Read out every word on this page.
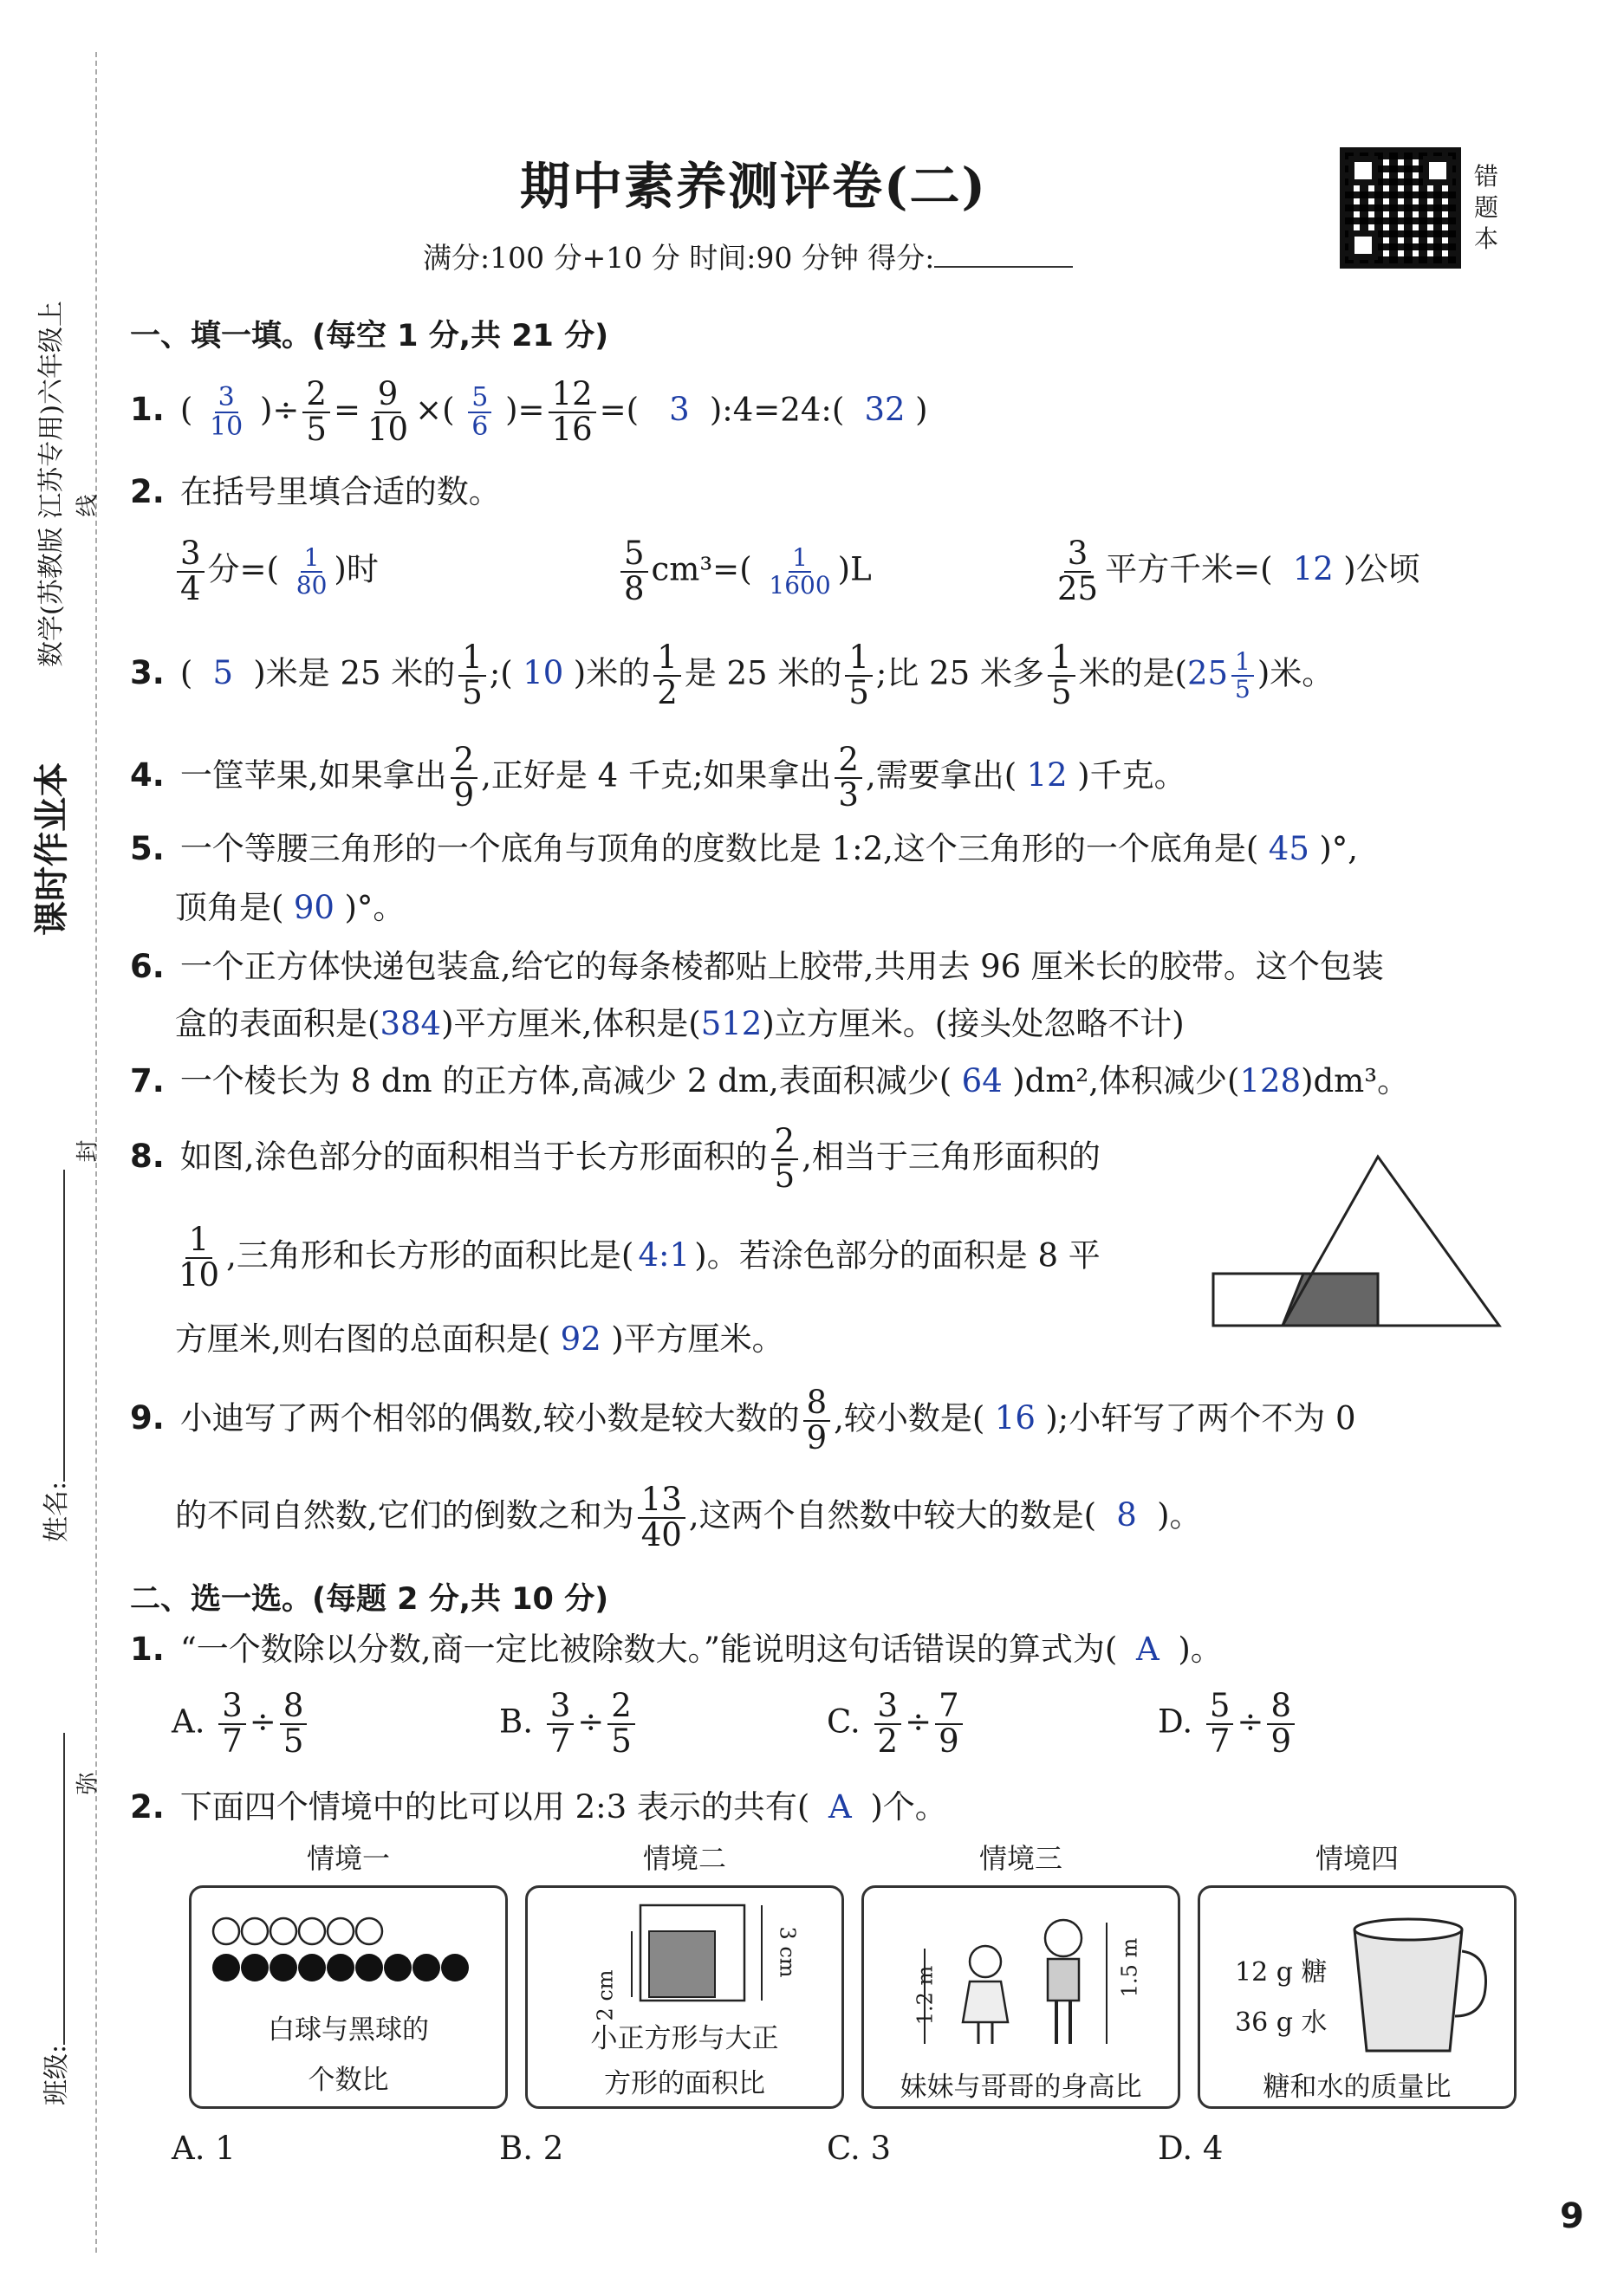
课时作业本
数学(苏教版 江苏专用)六年级上 线
封
弥
姓名:
班级:
期中素养测评卷(二)
满分:100 分+10 分 时间:90 分钟 得分:
错
题
本
一、填一填。(每空 1 分,共 21 分)
1. ( $\frac{3}{10}$ )÷ $\frac{2}{5} = \frac{9}{10}$ ×( $\frac{5}{6}$ )= $\frac{12}{16}$ =( 3 ):4=24:( 32 )
2. 在括号里填合适的数。
$\frac{3}{4}$ 分=( $\frac{1}{80}$ )时	$\frac{5}{8} cm^3=( \frac{1}{1600} )L$	$\frac{3}{25}$ 平方千米=( 12 )公顷
3. ( 5 )米是 25 米的 $\frac{1}{5}$ ;( 10 )米的 $\frac{1}{2}$ 是 25 米的 $\frac{1}{5}$ ;比 25 米多 $\frac{1}{5}$ 米的是($25 \frac{1}{5}$ )米。
4. 一筐苹果,如果拿出 $\frac{2}{9}$ ,正好是 4 千克;如果拿出 $\frac{2}{3}$ ,需要拿出( 12 )千克。
5. 一个等腰三角形的一个底角与顶角的度数比是 1:2,这个三角形的一个底角是( 45 )°,
顶角是( 90 )°。
6. 一个正方体快递包装盒,给它的每条棱都贴上胶带,共用去 96 厘米长的胶带。这个包装
盒的表面积是(384)平方厘米,体积是(512)立方厘米。(接头处忽略不计)
7. 一个棱长为 8 dm 的正方体,高减少 2 dm,表面积减少( 64 )dm²,体积减少(128)dm³。
8. 如图,涂色部分的面积相当于长方形面积的 $\frac{2}{5}$ ,相当于三角形面积的
$\frac{1}{10}$ ,三角形和长方形的面积比是( 4:1 )。若涂色部分的面积是 8 平
方厘米,则右图的总面积是( 92 )平方厘米。
9. 小迪写了两个相邻的偶数,较小数是较大数的 $\frac{8}{9}$ ,较小数是( 16 );小轩写了两个不为 0
的不同自然数,它们的倒数之和为 $\frac{13}{40}$ ,这两个自然数中较大的数是( 8 )。
二、选一选。(每题 2 分,共 10 分)
1. “一个数除以分数,商一定比被除数大。”能说明这句话错误的算式为( A )。
A. $\frac{3}{7} \div \frac{8}{5}$	B. $\frac{3}{7} \div \frac{2}{5}$	C. $\frac{3}{2} \div \frac{7}{9}$	D. $\frac{5}{7} \div \frac{8}{9}$
2. 下面四个情境中的比可以用 2:3 表示的共有( A )个。
情境一	情境二	情境三	情境四
白球与黑球的
个数比
2 cm
3 cm
小正方形与大正
方形的面积比
1.2 m	1.5 m
妹妹与哥哥的身高比
12 g 糖
36 g 水
糖和水的质量比
A. 1	B. 2	C. 3	D. 4
9
